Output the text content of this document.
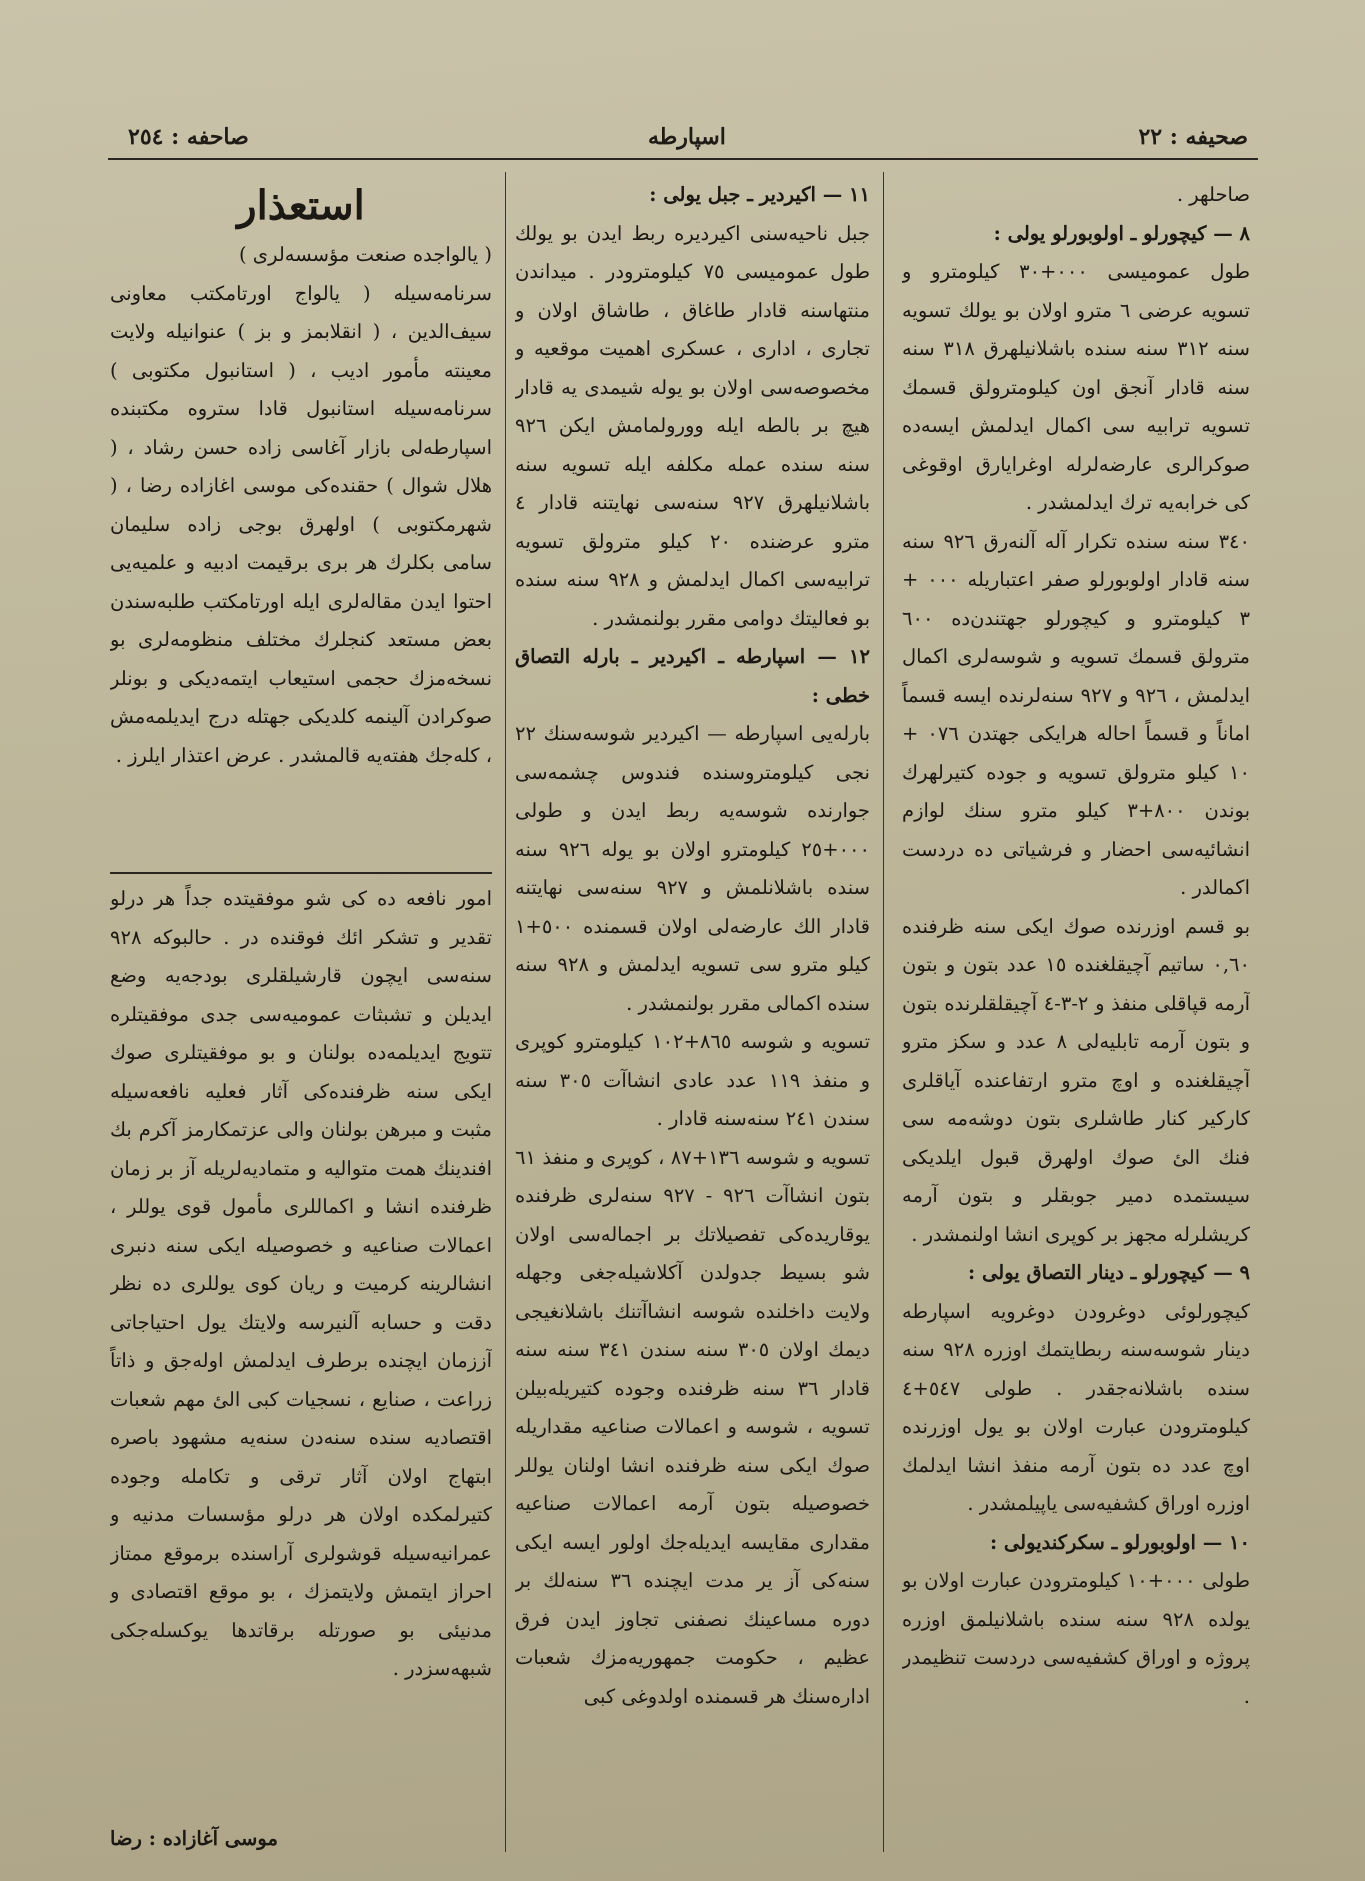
صاحفه : ٢٥٤	اسپارطه	صحيفه : ٢٢

صاحلهر .

٨ — كيچورلو ـ اولوبورلو يولى :

طول عمومیسی ٠٠٠+٣٠ كيلومترو و تسويه عرضى ٦ مترو اولان بو يولك تسويه سنه ٣١٢ سنه سنده باشلانيلهرق ٣١٨ سنه سنه قادار آنجق اون كيلومترولق قسمك تسويه ترابيه سى اكمال ايدلمش ايسه‌ده صوكرالرى عارضه‌لرله اوغرايارق اوقوغى كى خرابه‌يه ترك ايدلمشدر .

٣٤٠ سنه سنده تكرار آله آلنه‌رق ٩٢٦ سنه سنه قادار اولوبورلو صفر اعتباريله ٠٠٠ + ٣ كيلومترو و كيچورلو جهتندن‌ده ٦٠٠ مترولق قسمك تسويه و شوسه‌لرى اكمال ايدلمش ، ٩٢٦ و ٩٢٧ سنه‌لرنده ايسه قسماً اماناً و قسماً احاله هرايكى جهتدن ٠٧٦ + ١٠ كيلو مترولق تسويه و جوده كتيرلهرك بوندن ٨٠٠+٣ كيلو مترو سنك لوازم انشائيه‌سى احضار و فرشياتى ده دردست اكمالدر .

بو قسم اوزرنده صوك ايكى سنه ظرفنده ٠,٦٠ ساتيم آچيقلغنده ١٥ عدد بتون و بتون آرمه قپاقلى منفذ و ٢-٣-٤ آچيقلقلرنده بتون و بتون آرمه تابليه‌لى ٨ عدد و سكز مترو آچيقلغنده و اوچ مترو ارتفاعنده آياقلرى كاركير كنار طاشلرى بتون دوشه‌مه سى فنك الئ صوك اولهرق قبول ايلديكى سيستمده دمير جوبقلر و بتون آرمه كريشلرله مجهز بر كوپرى انشا اولنمشدر .

٩ — كيچورلو ـ دينار التصاق يولى :

كيچورلوئى دوغرودن دوغرويه اسپارطه دينار شوسه‌سنه ربطايتمك اوزره ٩٢٨ سنه سنده باشلانه‌جقدر . طولى ٥٤٧+٤ كيلومترودن عبارت اولان بو يول اوزرنده اوچ عدد ده بتون آرمه منفذ انشا ايدلمك اوزره اوراق كشفيه‌سى ياپيلمشدر .

١٠ — اولوبورلو ـ سكركنديولى :

طولى ٠٠٠+١٠ كيلومترودن عبارت اولان بو يولده ٩٢٨ سنه سنده باشلانيلمق اوزره پروژه و اوراق كشفيه‌سى دردست تنظيمدر .

١١ — اكيردير ـ جبل يولى :

جبل ناحيه‌سنى اكيرديره ربط ايدن بو يولك طول عموميسى ٧٥ كيلومترودر . ميداندن منتهاسنه قادار طاغاق ، طاشاق اولان و تجارى ، ادارى ، عسكرى اهميت موقعيه و مخصوصه‌سى اولان بو يوله شيمدى يه قادار هيچ بر بالطه ايله وورولمامش ايكن ٩٢٦ سنه سنده عمله مكلفه ايله تسويه سنه باشلانيلهرق ٩٢٧ سنه‌سى نهايتنه قادار ٤ مترو عرضنده ٢٠ كيلو مترولق تسويه ترابيه‌سى اكمال ايدلمش و ٩٢٨ سنه سنده بو فعاليتك دوامى مقرر بولنمشدر .

١٢ — اسپارطه ـ اكيردير ـ بارله التصاق خطى :

بارله‌يى اسپارطه — اكيردير شوسه‌سنك ٢٢ نجى كيلومتروسنده فندوس چشمه‌سى جوارنده شوسه‌يه ربط ايدن و طولى ٠٠٠+٢٥ كيلومترو اولان بو يوله ٩٢٦ سنه سنده باشلانلمش و ٩٢٧ سنه‌سى نهايتنه قادار الك عارضه‌لى اولان قسمنده ٥٠٠+١ كيلو مترو سى تسويه ايدلمش و ٩٢٨ سنه سنده اكمالى مقرر بولنمشدر .

تسويه و شوسه ٨٦٥+١٠٢ كيلومترو كوپرى و منفذ ١١٩ عدد عادى انشاآت ٣٠٥ سنه سندن ٢٤١ سنه‌سنه قادار .

تسويه و شوسه ١٣٦+٨٧ ، كوپرى و منفذ ٦١ بتون انشاآت ٩٢٦ - ٩٢٧ سنه‌لرى ظرفنده يوقاريده‌كى تفصيلاتك بر اجماله‌سى اولان شو بسيط جدولدن آكلاشيله‌جغى وجهله ولايت داخلنده شوسه انشاآتنك باشلانغيجى ديمك اولان ٣٠٥ سنه سندن ٣٤١ سنه سنه قادار ٣٦ سنه ظرفنده وجوده كتيريله‌بيلن تسويه ، شوسه و اعمالات صناعيه مقداريله صوك ايكى سنه ظرفنده انشا اولنان يوللر خصوصيله بتون آرمه اعمالات صناعيه مقدارى مقايسه ايديله‌جك اولور ايسه ايكى سنه‌كى آز ير مدت ايچنده ٣٦ سنه‌لك بر دوره مساعينك نصفنى تجاوز ايدن فرق عظيم ، حكومت جمهوريه‌مزك شعبات اداره‌سنك هر قسمنده اولدوغى كبى

استعذار

( يالواجده صنعت مؤسسه‌لرى )

سرنامه‌سيله ( يالواج اورتامكتب معاونى سيف‌الدين ، ( انقلابمز و بز ) عنوانيله ولايت معينته مأمور اديب ، ( استانبول مكتوبى ) سرنامه‌سيله استانبول قادا ستروه مكتبنده اسپارطه‌لى بازار آغاسى زاده حسن رشاد ، ( هلال شوال ) حقنده‌كى موسى اغازاده رضا ، ( شهرمكتوبى ) اولهرق بوجى زاده سليمان سامى بكلرك هر برى برقيمت ادبيه و علميه‌يى احتوا ايدن مقاله‌لرى ايله اورتامكتب طلبه‌سندن بعض مستعد كنجلرك مختلف منظومه‌لرى بو نسخه‌مزك حجمى استيعاب ايتمه‌ديكى و بونلر صوكرادن آلينمه كلديكى جهتله درج ايديلمه‌مش ، كله‌جك هفته‌يه قالمشدر . عرض اعتذار ايلرز .

امور نافعه ده كى شو موفقيتده جداً هر درلو تقدير و تشكر ائك فوقنده در . حالبوكه ٩٢٨ سنه‌سى ايچون قارشيلقلرى بودجه‌يه وضع ايديلن و تشبثات عموميه‌سى جدى موفقيتلره تتويج ايديلمه‌ده بولنان و بو موفقيتلرى صوك ايكى سنه ظرفنده‌كى آثار فعليه نافعه‌سيله مثبت و مبرهن بولنان والى عزتمكارمز آكرم بك افندينك همت متواليه و متماديه‌لريله آز بر زمان ظرفنده انشا و اكماللرى مأمول قوى يوللر ، اعمالات صناعيه و خصوصيله ايكى سنه دنبرى انشالرينه كرميت و ريان كوى يوللرى ده نظر دقت و حسابه آلنيرسه ولايتك يول احتياجاتى آززمان ايچنده برطرف ايدلمش اوله‌جق و ذاتاً زراعت ، صنايع ، نسجيات كبى الئ مهم شعبات اقتصاديه سنده سنه‌دن سنه‌يه مشهود باصره ابتهاج اولان آثار ترقى و تكامله وجوده كتيرلمكده اولان هر درلو مؤسسات مدنيه و عمرانيه‌سيله قوشولرى آراسنده برموقع ممتاز احراز ايتمش ولايتمزك ، بو موقع اقتصادى و مدنيئى بو صورتله برقاتدها يوكسله‌جكى شبهه‌سزدر .

موسى آغازاده : رضا
